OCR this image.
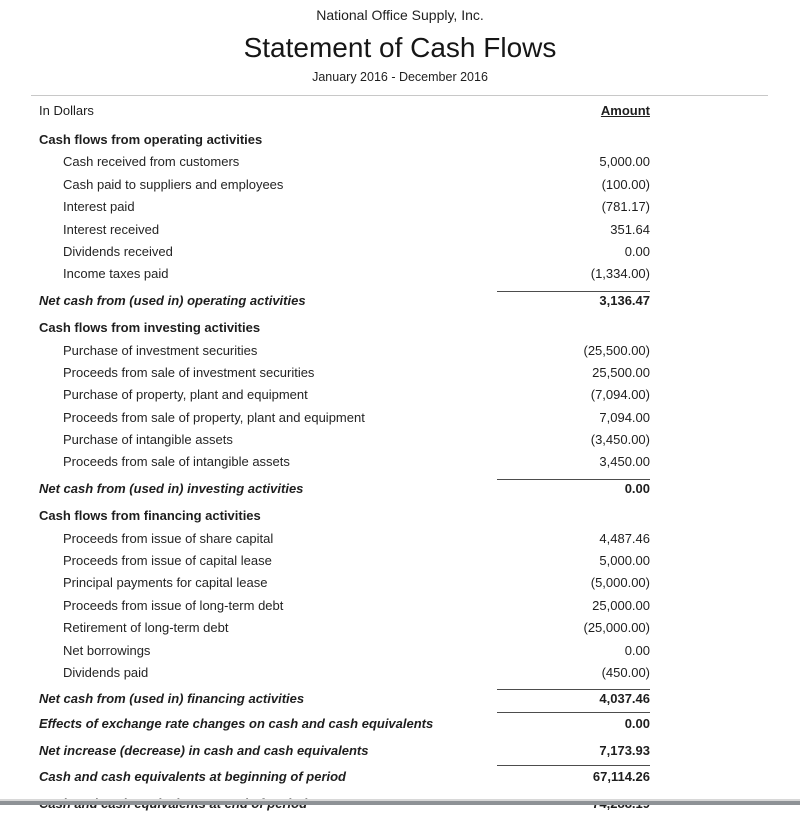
National Office Supply, Inc.
Statement of Cash Flows
January 2016 - December 2016
In Dollars	Amount
Cash flows from operating activities
Cash received from customers	5,000.00
Cash paid to suppliers and employees	(100.00)
Interest paid	(781.17)
Interest received	351.64
Dividends received	0.00
Income taxes paid	(1,334.00)
Net cash from (used in) operating activities	3,136.47
Cash flows from investing activities
Purchase of investment securities	(25,500.00)
Proceeds from sale of investment securities	25,500.00
Purchase of property, plant and equipment	(7,094.00)
Proceeds from sale of property, plant and equipment	7,094.00
Purchase of intangible assets	(3,450.00)
Proceeds from sale of intangible assets	3,450.00
Net cash from (used in) investing activities	0.00
Cash flows from financing activities
Proceeds from issue of share capital	4,487.46
Proceeds from issue of capital lease	5,000.00
Principal payments for capital lease	(5,000.00)
Proceeds from issue of long-term debt	25,000.00
Retirement of long-term debt	(25,000.00)
Net borrowings	0.00
Dividends paid	(450.00)
Net cash from (used in) financing activities	4,037.46
Effects of exchange rate changes on cash and cash equivalents	0.00
Net increase (decrease) in cash and cash equivalents	7,173.93
Cash and cash equivalents at beginning of period	67,114.26
